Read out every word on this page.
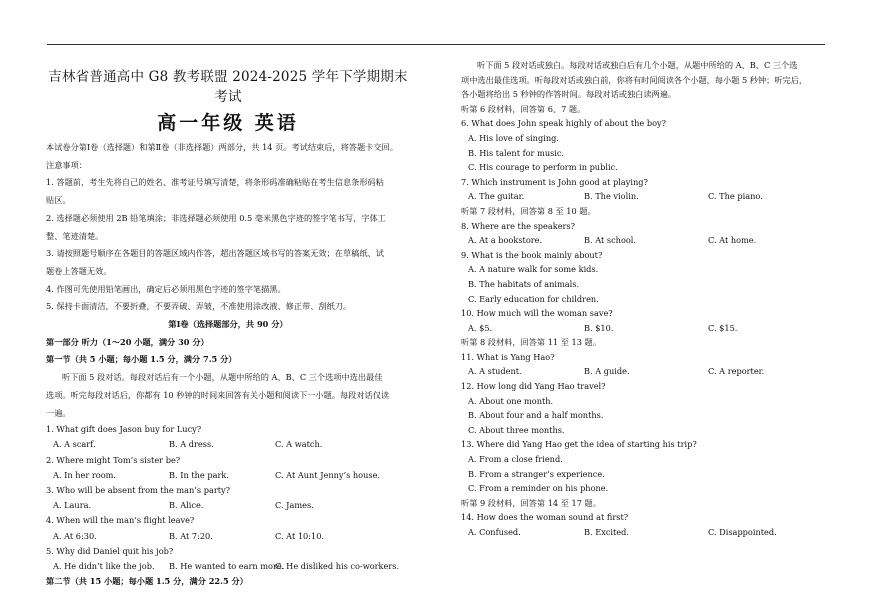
吉林省普通高中 G8 教考联盟 2024-2025 学年下学期期末考试
高一年级 英语

本试卷分第Ⅰ卷（选择题）和第Ⅱ卷（非选择题）两部分，共 14 页。考试结束后，将答题卡交回。

注意事项：

1. 答题前，考生先将自己的姓名、准考证号填写清楚，将条形码准确粘贴在考生信息条形码粘

贴区。

2. 选择题必须使用 2B 铅笔填涂；非选择题必须使用 0.5 毫米黑色字迹的签字笔书写，字体工

整、笔迹清楚。

3. 请按照题号顺序在各题目的答题区域内作答，超出答题区域书写的答案无效；在草稿纸、试

题卷上答题无效。

4. 作图可先使用铅笔画出，确定后必须用黑色字迹的签字笔描黑。

5. 保持卡面清洁，不要折叠，不要弄破、弄皱，不准使用涂改液、修正带、刮纸刀。

第Ⅰ卷（选择题部分，共 90 分）

第一部分 听力（1～20 小题，满分 30 分）

第一节（共 5 小题；每小题 1.5 分，满分 7.5 分）

听下面 5 段对话。每段对话后有一个小题，从题中所给的 A、B、C 三个选项中选出最佳

选项。听完每段对话后，你都有 10 秒钟的时间来回答有关小题和阅读下一小题。每段对话仅读

一遍。

1. What gift does Jason buy for Lucy?

A. A scarf.	B. A dress.	C. A watch.

2. Where might Tom’s sister be?

A. In her room.	B. In the park.	C. At Aunt Jenny’s house.

3. Who will be absent from the man’s party?

A. Laura.	B. Alice.	C. James.

4. When will the man’s flight leave?

A. At 6:30.	B. At 7:20.	C. At 10:10.

5. Why did Daniel quit his job?

A. He didn’t like the job.	B. He wanted to earn more.
C. He disliked his co-workers.

第二节（共 15 小题；每小题 1.5 分，满分 22.5 分）

听下面 5 段对话或独白。每段对话或独白后有几个小题，从题中所给的 A、B、C 三个选

项中选出最佳选项。听每段对话或独白前，你将有时间阅读各个小题，每小题 5 秒钟；听完后，

各小题将给出 5 秒钟的作答时间。每段对话或独白读两遍。

听第 6 段材料，回答第 6、7 题。

6. What does John speak highly of about the boy?

A. His love of singing.

B. His talent for music.

C. His courage to perform in public.

7. Which instrument is John good at playing?

A. The guitar.	B. The violin.	C. The piano.

听第 7 段材料，回答第 8 至 10 题。

8. Where are the speakers?

A. At a bookstore.	B. At school.	C. At home.

9. What is the book mainly about?

A. A nature walk for some kids.

B. The habitats of animals.

C. Early education for children.

10. How much will the woman save?

A. $5.	B. $10.	C. $15.

听第 8 段材料，回答第 11 至 13 题。

11. What is Yang Hao?

A. A student.	B. A guide.	C. A reporter.

12. How long did Yang Hao travel?

A. About one month.

B. About four and a half months.

C. About three months.

13. Where did Yang Hao get the idea of starting his trip?

A. From a close friend.

B. From a stranger’s experience.

C. From a reminder on his phone.

听第 9 段材料，回答第 14 至 17 题。

14. How does the woman sound at first?

A. Confused.	B. Excited.	C. Disappointed.
